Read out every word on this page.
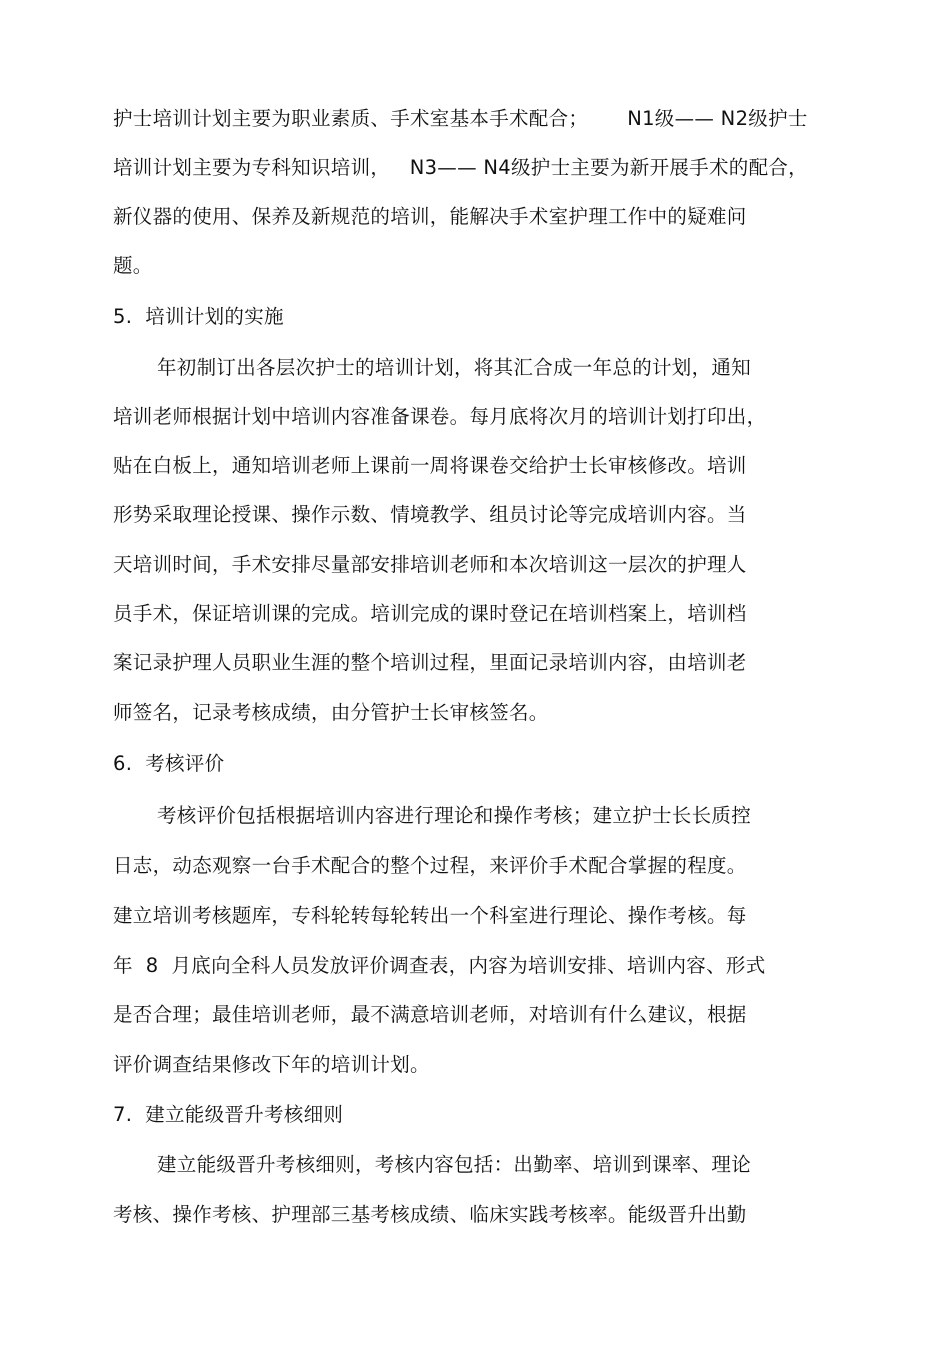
护士培训计划主要为职业素质、手术室基本手术配合；      N1级—— N2级护士
培训计划主要为专科知识培训，   N3—— N4级护士主要为新开展手术的配合，
新仪器的使用、保养及新规范的培训，能解决手术室护理工作中的疑难问
题。
5.  培训计划的实施
年初制订出各层次护士的培训计划，将其汇合成一年总的计划，通知
培训老师根据计划中培训内容准备课卷。每月底将次月的培训计划打印出，
贴在白板上，通知培训老师上课前一周将课卷交给护士长审核修改。培训
形势采取理论授课、操作示数、情境教学、组员讨论等完成培训内容。当
天培训时间，手术安排尽量部安排培训老师和本次培训这一层次的护理人
员手术，保证培训课的完成。培训完成的课时登记在培训档案上，培训档
案记录护理人员职业生涯的整个培训过程，里面记录培训内容，由培训老
师签名，记录考核成绩，由分管护士长审核签名。
6.  考核评价
考核评价包括根据培训内容进行理论和操作考核；建立护士长长质控
日志，动态观察一台手术配合的整个过程，来评价手术配合掌握的程度。
建立培训考核题库，专科轮转每轮转出一个科室进行理论、操作考核。每
年  8  月底向全科人员发放评价调查表，内容为培训安排、培训内容、形式
是否合理；最佳培训老师，最不满意培训老师，对培训有什么建议，根据
评价调查结果修改下年的培训计划。
7.  建立能级晋升考核细则
建立能级晋升考核细则，考核内容包括：出勤率、培训到课率、理论
考核、操作考核、护理部三基考核成绩、临床实践考核率。能级晋升出勤
